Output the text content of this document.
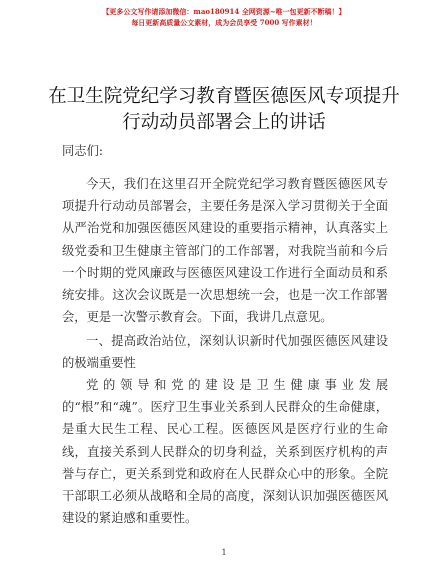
【更多公文写作请添加微信：mao180914 全网资源~唯一包更新不断稿！】
每日更新高质量公文素材，成为会员享受 7000 写作素材！
在卫生院党纪学习教育暨医德医风专项提升行动动员部署会上的讲话
同志们:
今天，我们在这里召开全院党纪学习教育暨医德医风专项提升行动动员部署会，主要任务是深入学习贯彻关于全面从严治党和加强医德医风建设的重要指示精神，认真落实上级党委和卫生健康主管部门的工作部署，对我院当前和今后一个时期的党风廉政与医德医风建设工作进行全面动员和系统安排。这次会议既是一次思想统一会，也是一次工作部署会，更是一次警示教育会。下面，我讲几点意见。
一、提高政治站位，深刻认识新时代加强医德医风建设的极端重要性
党的领导和党的建设是卫生健康事业发展的“根”和“魂”。医疗卫生事业关系到人民群众的生命健康，是重大民生工程、民心工程。医德医风是医疗行业的生命线，直接关系到人民群众的切身利益，关系到医疗机构的声誉与存亡，更关系到党和政府在人民群众心中的形象。全院干部职工必须从战略和全局的高度，深刻认识加强医德医风建设的紧迫感和重要性。
1
